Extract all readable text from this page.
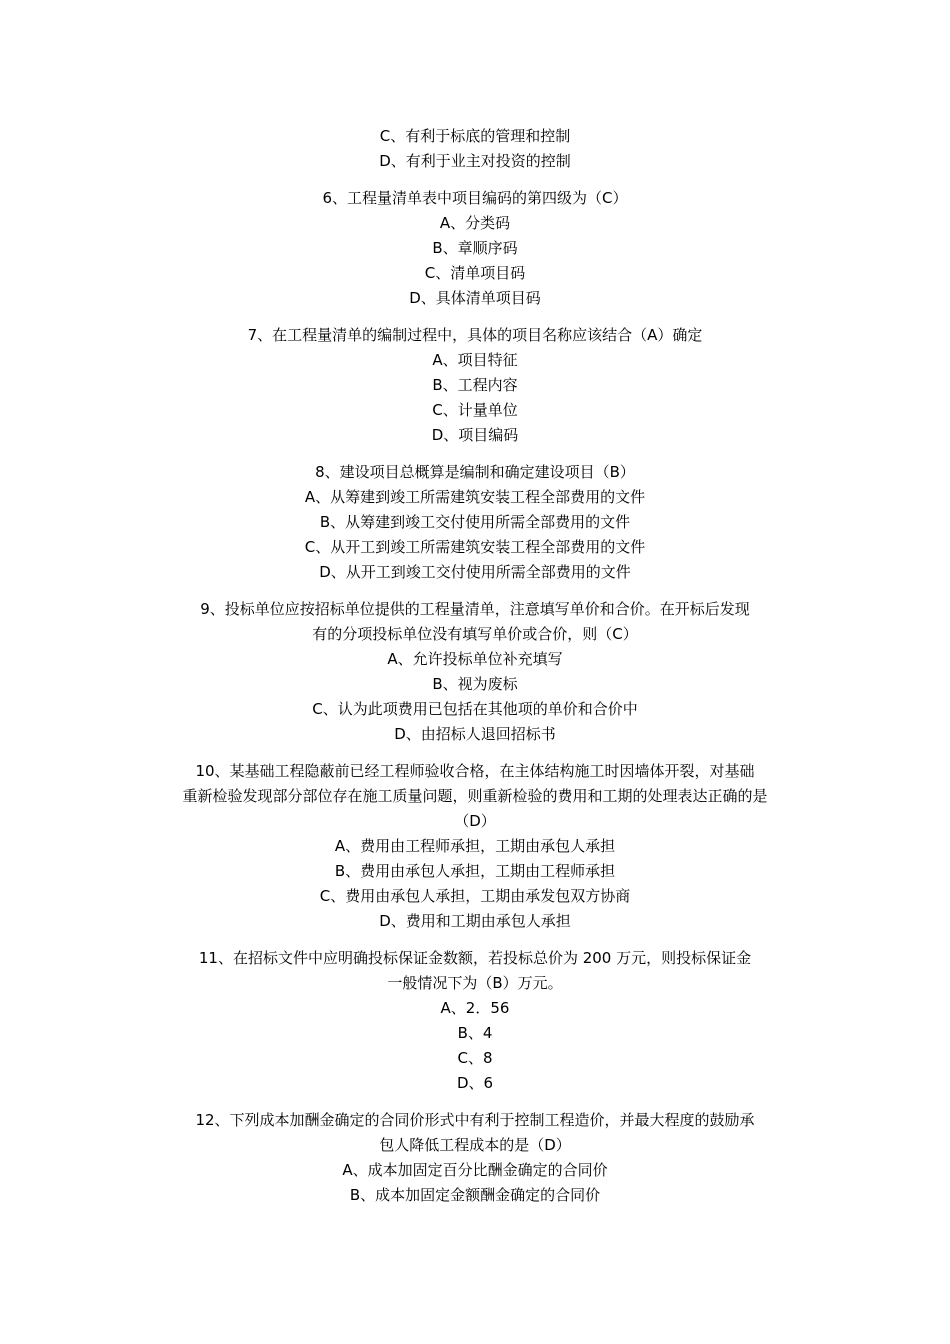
C、有利于标底的管理和控制
D、有利于业主对投资的控制
6、工程量清单表中项目编码的第四级为（C）
A、分类码
B、章顺序码
C、清单项目码
D、具体清单项目码
7、在工程量清单的编制过程中，具体的项目名称应该结合（A）确定
A、项目特征
B、工程内容
C、计量单位
D、项目编码
8、建设项目总概算是编制和确定建设项目（B）
A、从筹建到竣工所需建筑安装工程全部费用的文件
B、从筹建到竣工交付使用所需全部费用的文件
C、从开工到竣工所需建筑安装工程全部费用的文件
D、从开工到竣工交付使用所需全部费用的文件
9、投标单位应按招标单位提供的工程量清单，注意填写单价和合价。在开标后发现
有的分项投标单位没有填写单价或合价，则（C）
A、允许投标单位补充填写
B、视为废标
C、认为此项费用已包括在其他项的单价和合价中
D、由招标人退回招标书
10、某基础工程隐蔽前已经工程师验收合格，在主体结构施工时因墙体开裂，对基础
重新检验发现部分部位存在施工质量问题，则重新检验的费用和工期的处理表达正确的是
（D）
A、费用由工程师承担，工期由承包人承担
B、费用由承包人承担，工期由工程师承担
C、费用由承包人承担，工期由承发包双方协商
D、费用和工期由承包人承担
11、在招标文件中应明确投标保证金数额，若投标总价为 200 万元，则投标保证金
一般情况下为（B）万元。
A、2．56
B、4
C、8
D、6
12、下列成本加酬金确定的合同价形式中有利于控制工程造价，并最大程度的鼓励承
包人降低工程成本的是（D）
A、成本加固定百分比酬金确定的合同价
B、成本加固定金额酬金确定的合同价
